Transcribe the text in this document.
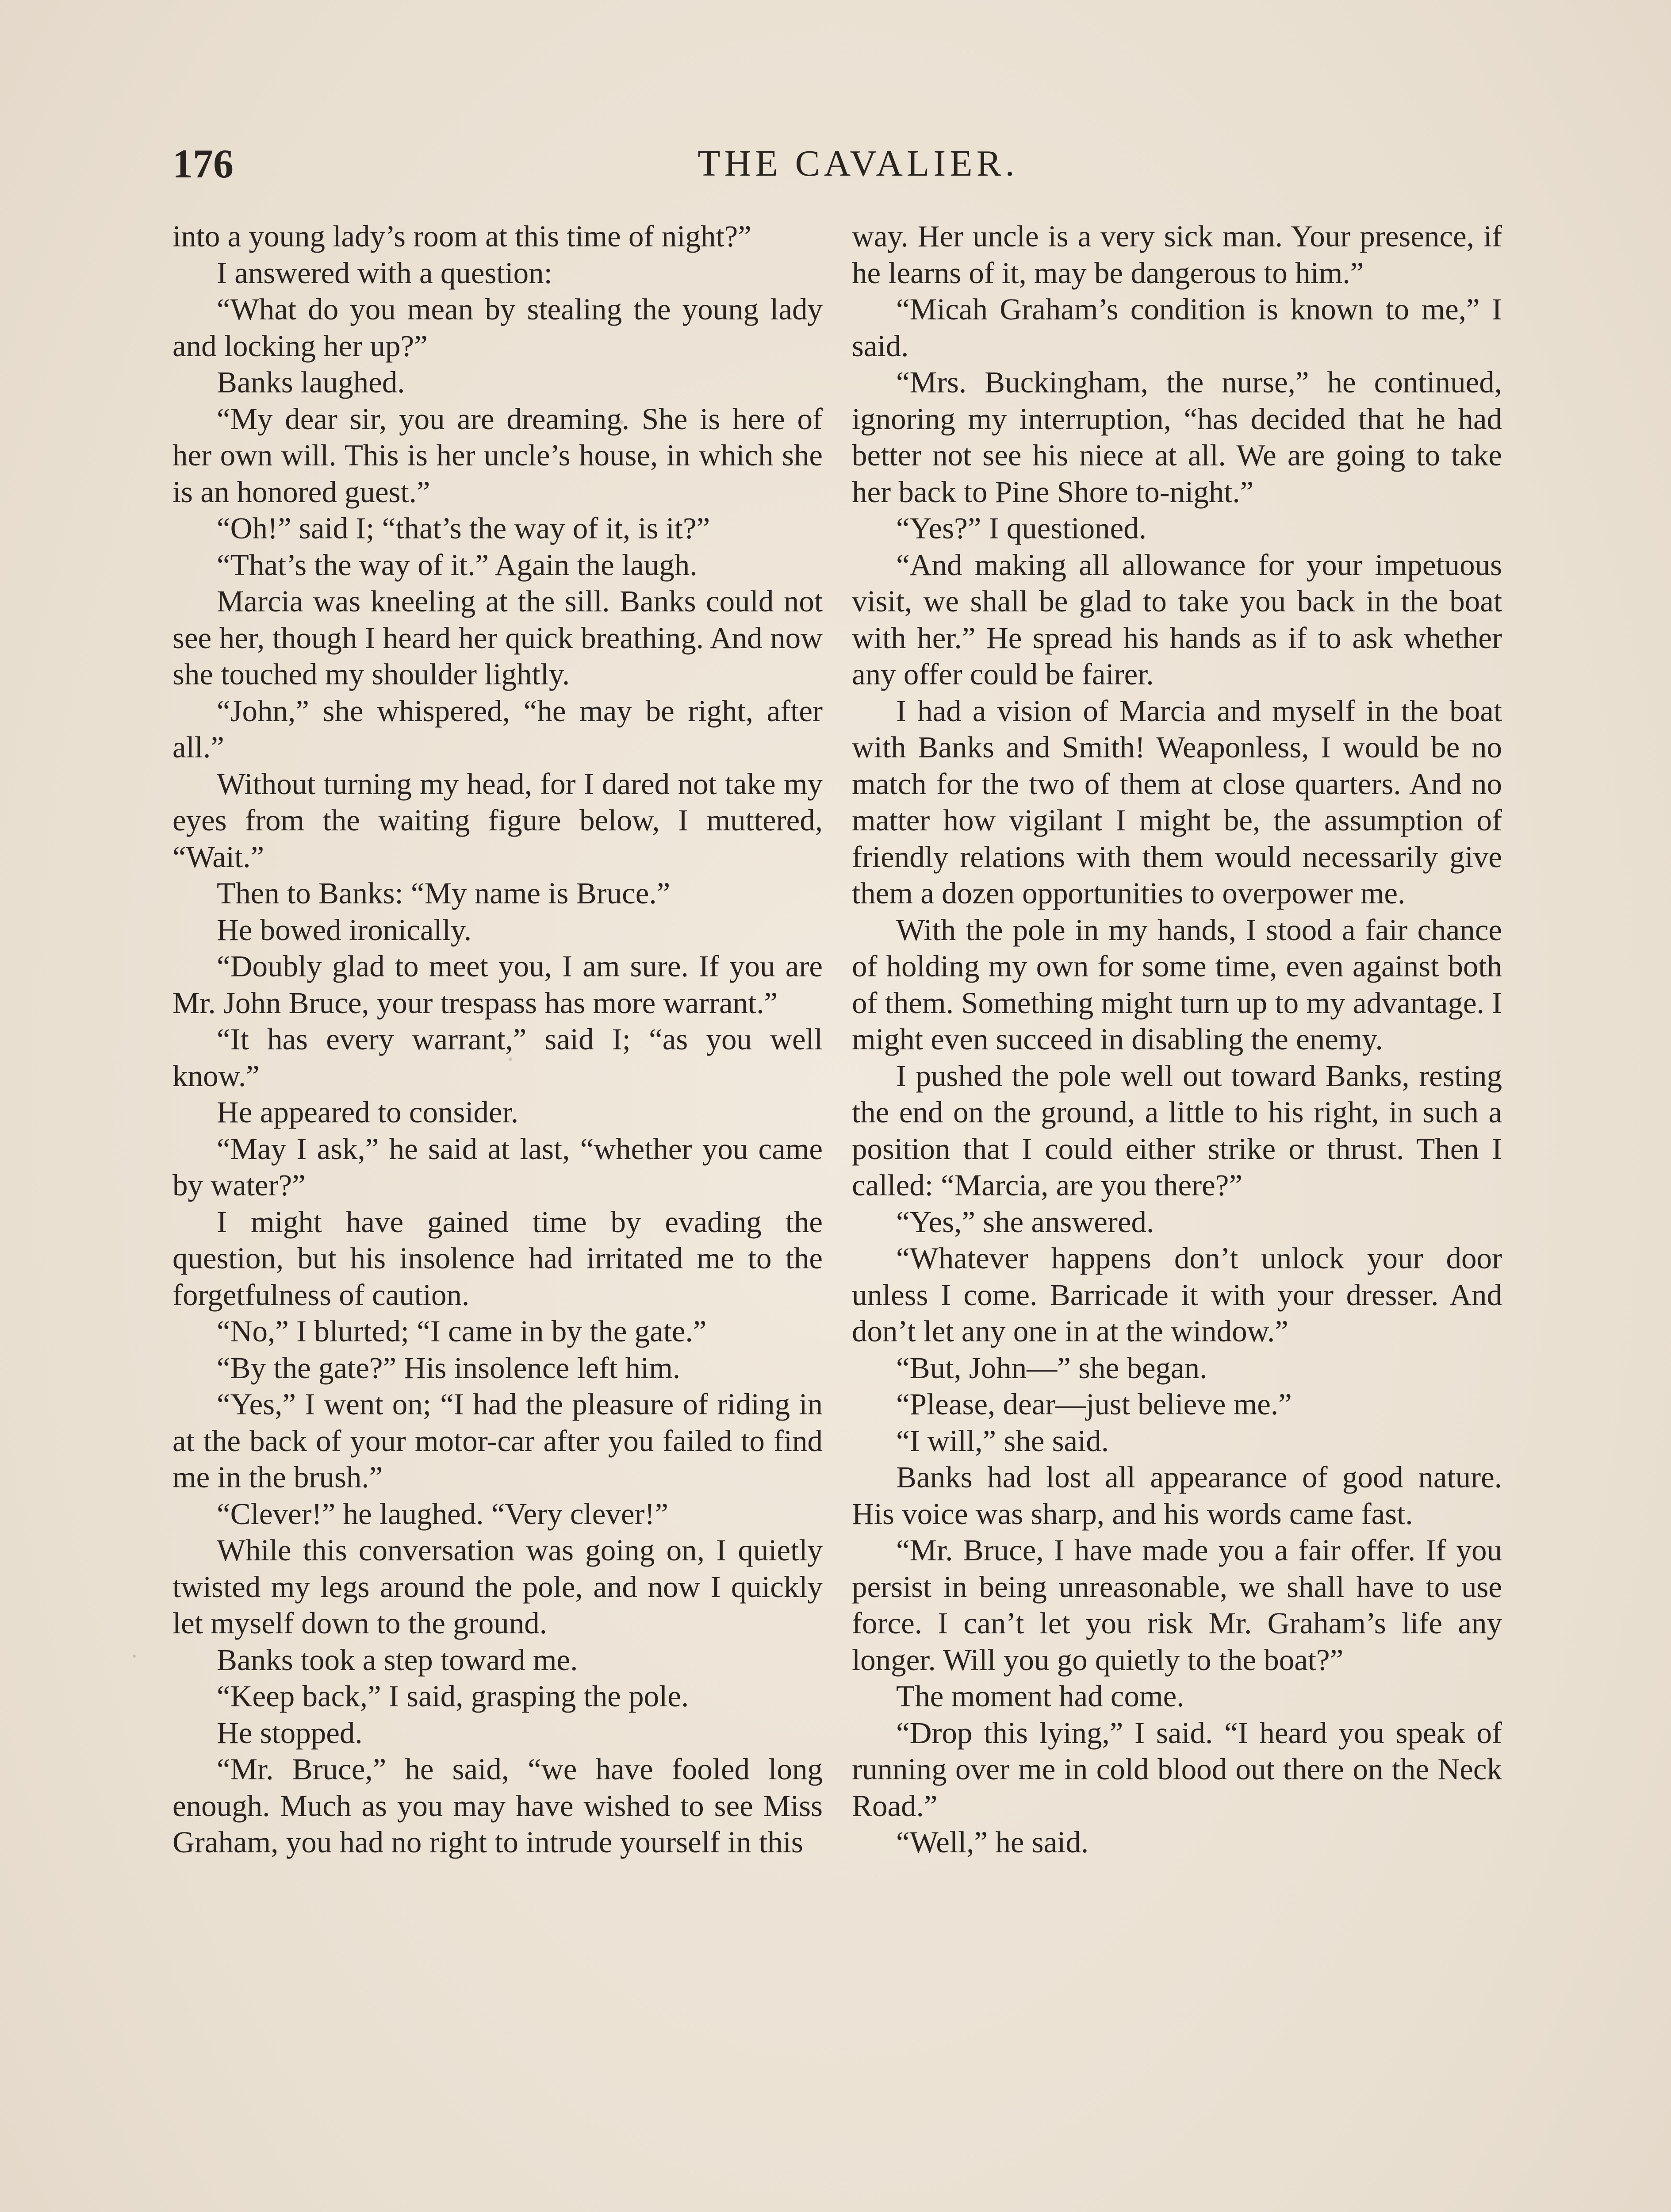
176	THE CAVALIER.

into a young lady’s room at this time of night?”

I answered with a question:

“What do you mean by stealing the young lady and locking her up?”

Banks laughed.

“My dear sir, you are dreaming. She is here of her own will. This is her uncle’s house, in which she is an honored guest.”

“Oh!” said I; “that’s the way of it, is it?”

“That’s the way of it.” Again the laugh.

Marcia was kneeling at the sill. Banks could not see her, though I heard her quick breathing. And now she touched my shoulder lightly.

“John,” she whispered, “he may be right, after all.”

Without turning my head, for I dared not take my eyes from the waiting figure below, I muttered, “Wait.”

Then to Banks: “My name is Bruce.”

He bowed ironically.

“Doubly glad to meet you, I am sure. If you are Mr. John Bruce, your trespass has more warrant.”

“It has every warrant,” said I; “as you well know.”

He appeared to consider.

“May I ask,” he said at last, “whether you came by water?”

I might have gained time by evading the question, but his insolence had irritated me to the forgetfulness of caution.

“No,” I blurted; “I came in by the gate.”

“By the gate?” His insolence left him.

“Yes,” I went on; “I had the pleasure of riding in at the back of your motor-car after you failed to find me in the brush.”

“Clever!” he laughed. “Very clever!”

While this conversation was going on, I quietly twisted my legs around the pole, and now I quickly let myself down to the ground.

Banks took a step toward me.

“Keep back,” I said, grasping the pole.

He stopped.

“Mr. Bruce,” he said, “we have fooled long enough. Much as you may have wished to see Miss Graham, you had no right to intrude yourself in this

way. Her uncle is a very sick man. Your presence, if he learns of it, may be dangerous to him.”

“Micah Graham’s condition is known to me,” I said.

“Mrs. Buckingham, the nurse,” he continued, ignoring my interruption, “has decided that he had better not see his niece at all. We are going to take her back to Pine Shore to-night.”

“Yes?” I questioned.

“And making all allowance for your impetuous visit, we shall be glad to take you back in the boat with her.” He spread his hands as if to ask whether any offer could be fairer.

I had a vision of Marcia and myself in the boat with Banks and Smith! Weaponless, I would be no match for the two of them at close quarters. And no matter how vigilant I might be, the assumption of friendly relations with them would necessarily give them a dozen opportunities to overpower me.

With the pole in my hands, I stood a fair chance of holding my own for some time, even against both of them. Something might turn up to my advantage. I might even succeed in disabling the enemy.

I pushed the pole well out toward Banks, resting the end on the ground, a little to his right, in such a position that I could either strike or thrust. Then I called: “Marcia, are you there?”

“Yes,” she answered.

“Whatever happens don’t unlock your door unless I come. Barricade it with your dresser. And don’t let any one in at the window.”

“But, John—” she began.

“Please, dear—just believe me.”

“I will,” she said.

Banks had lost all appearance of good nature. His voice was sharp, and his words came fast.

“Mr. Bruce, I have made you a fair offer. If you persist in being unreasonable, we shall have to use force. I can’t let you risk Mr. Graham’s life any longer. Will you go quietly to the boat?”

The moment had come.

“Drop this lying,” I said. “I heard you speak of running over me in cold blood out there on the Neck Road.”

“Well,” he said.
